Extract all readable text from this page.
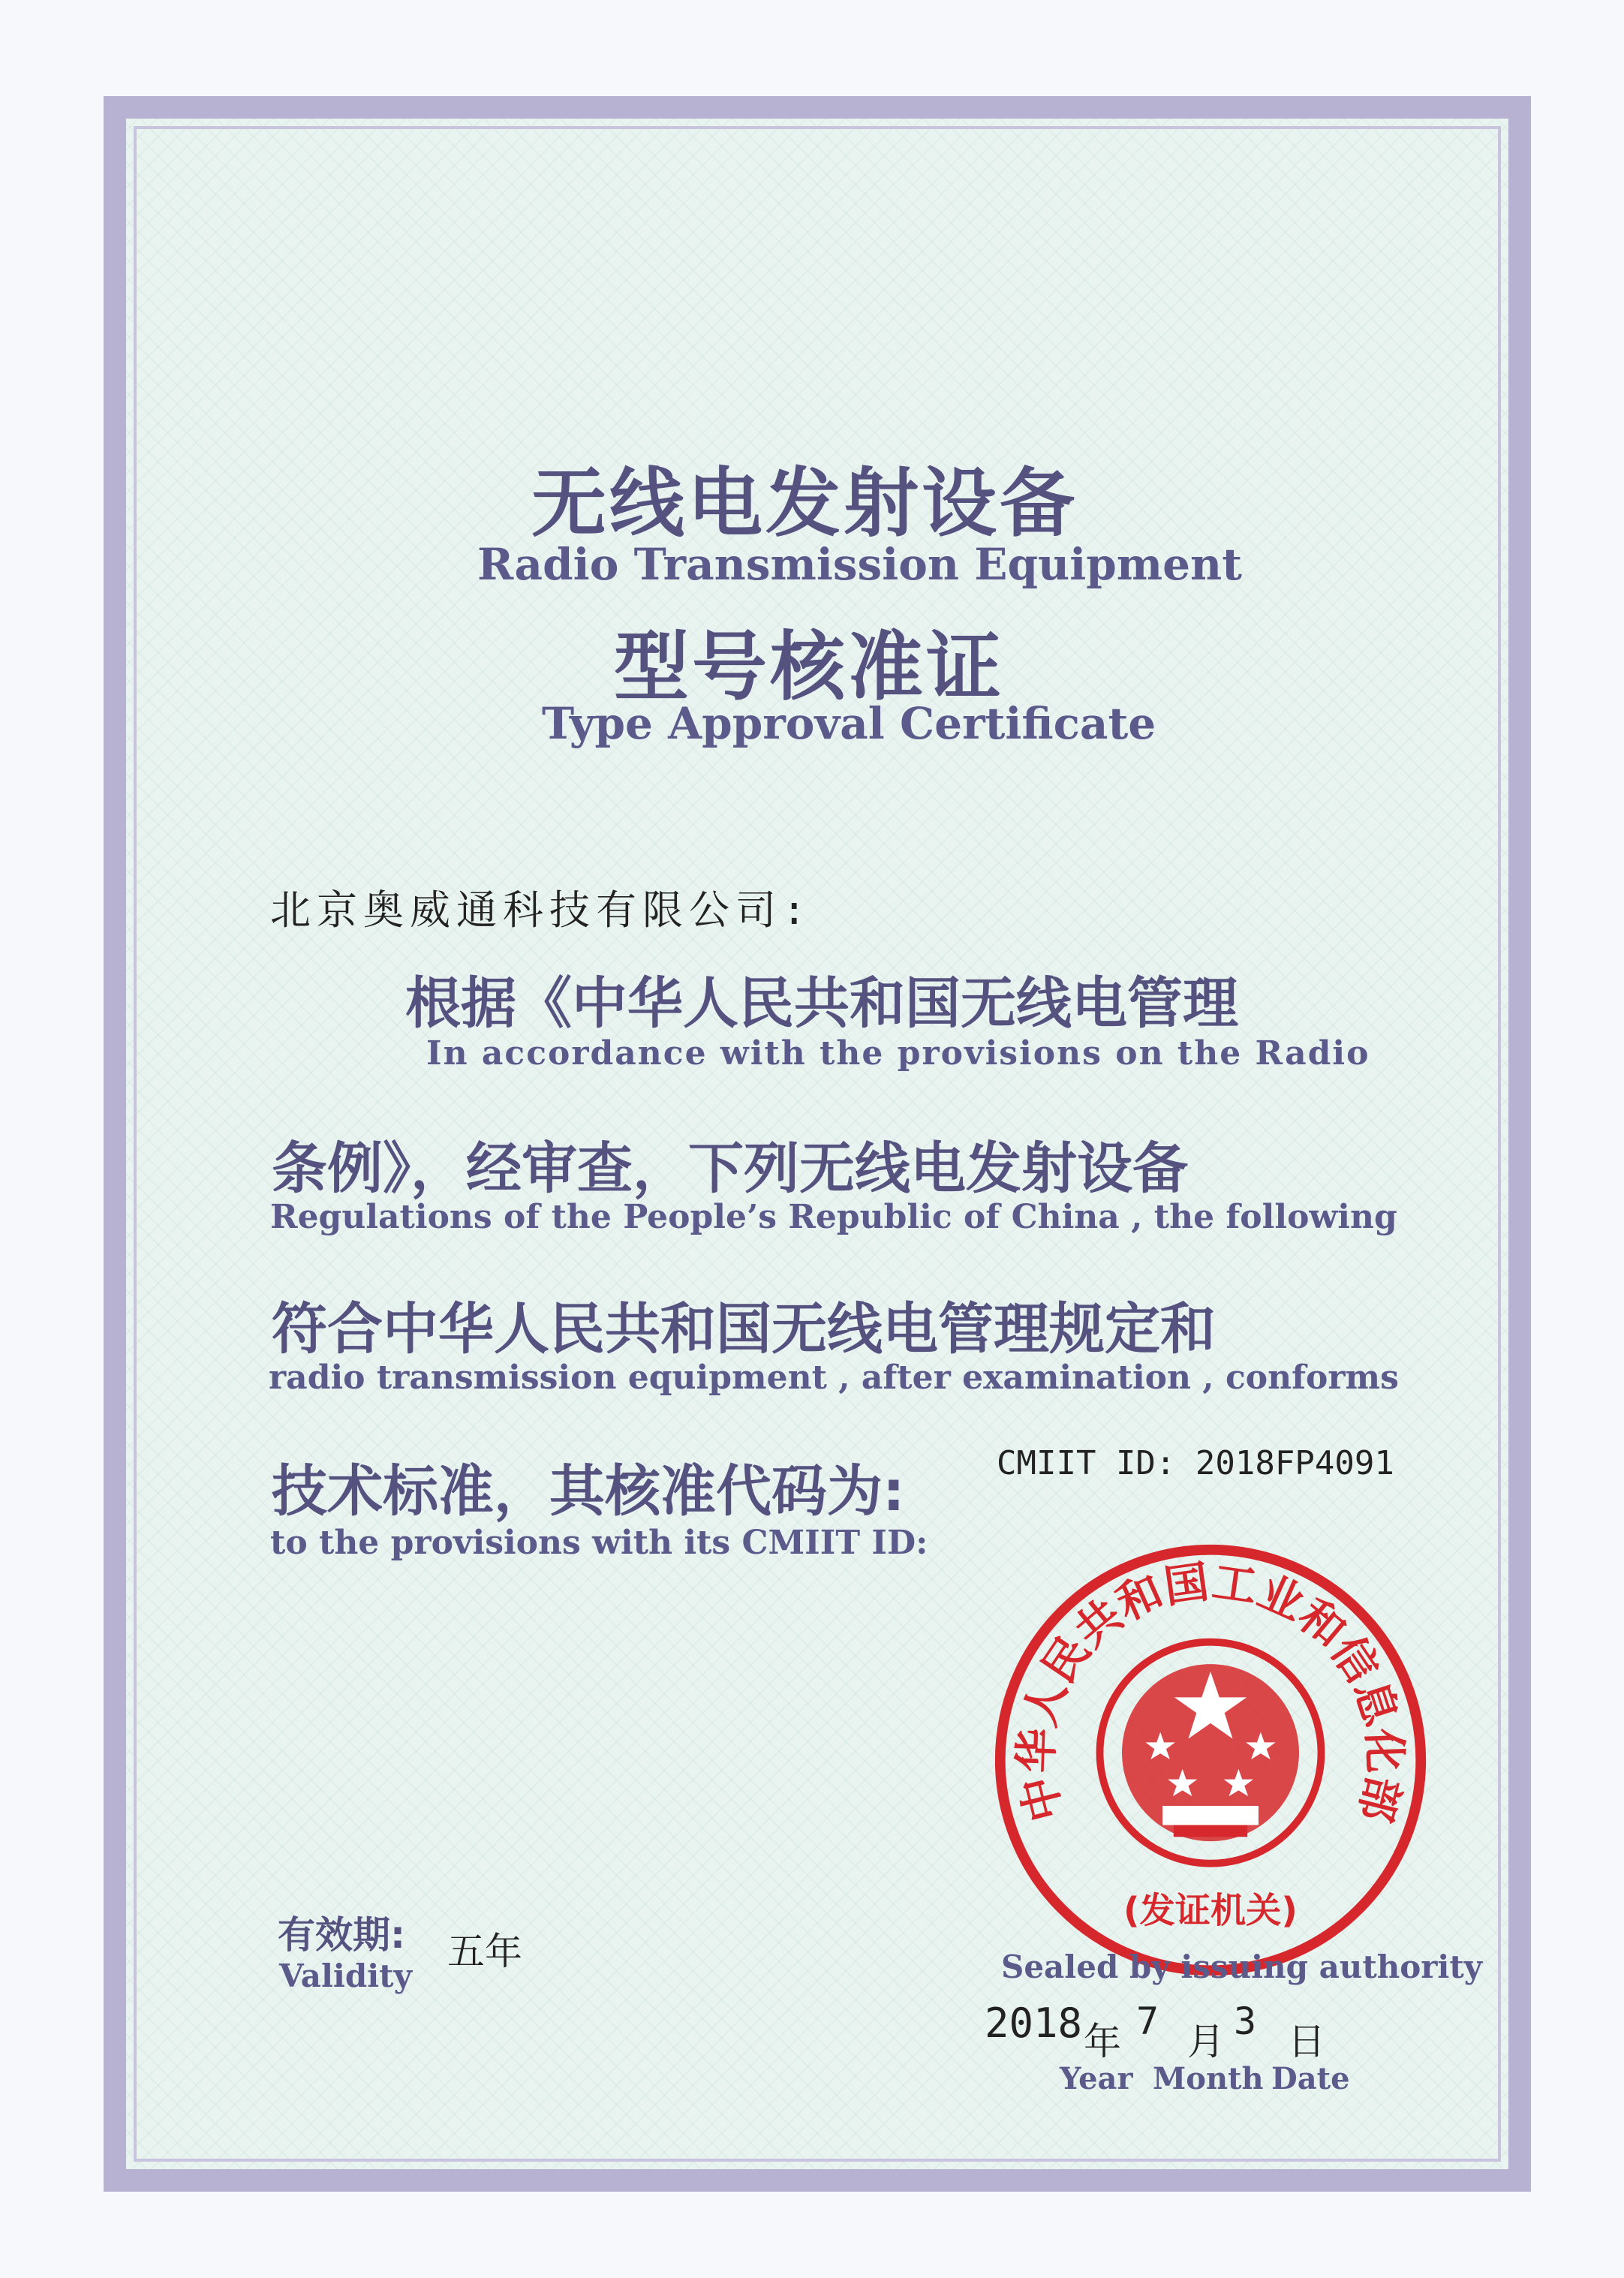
无线电发射设备
Radio Transmission Equipment
型号核准证
Type Approval Certificate
北京奥威通科技有限公司:
根据《中华人民共和国无线电管理
In accordance with the provisions on the Radio
条例》，经审查，下列无线电发射设备
Regulations of the People’s Republic of China , the following
符合中华人民共和国无线电管理规定和
radio transmission equipment , after examination , conforms
技术标准，其核准代码为:	CMIIT ID: 2018FP4091
to the provisions with its CMIIT ID:
中华人民共和国工业和信息化部
(发证机关)
Sealed by issuing authority
有效期: 五年
Validity
2018 年 7 月 3 日
Year Month Date
